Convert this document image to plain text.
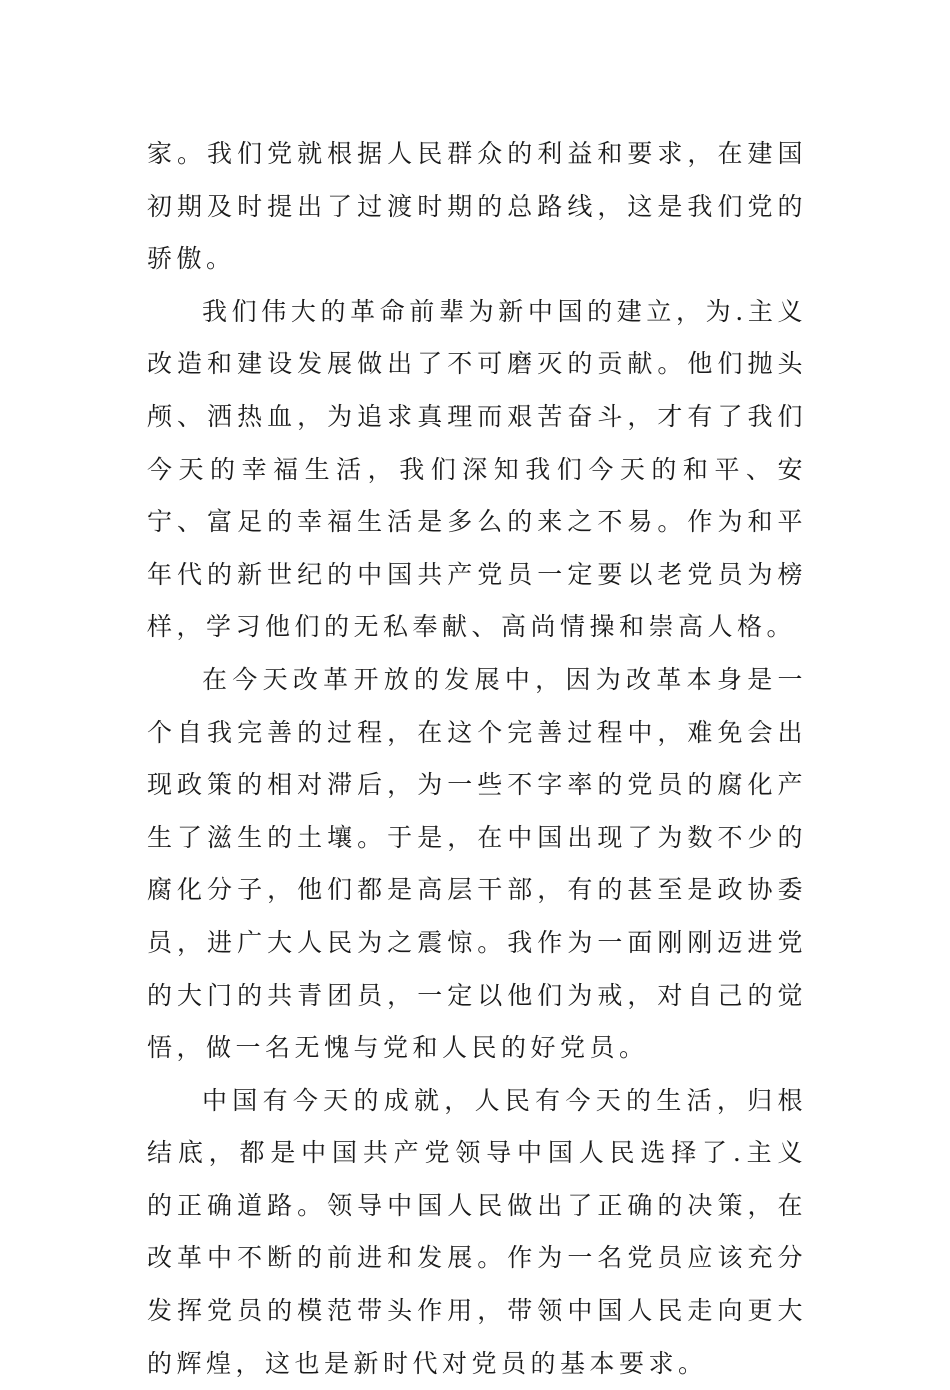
家。我们党就根据人民群众的利益和要求，在建国初期及时提出了过渡时期的总路线，这是我们党的骄傲。

我们伟大的革命前辈为新中国的建立，为.主义改造和建设发展做出了不可磨灭的贡献。他们抛头颅、洒热血，为追求真理而艰苦奋斗，才有了我们今天的幸福生活，我们深知我们今天的和平、安宁、富足的幸福生活是多么的来之不易。作为和平年代的新世纪的中国共产党员一定要以老党员为榜样，学习他们的无私奉献、高尚情操和崇高人格。

在今天改革开放的发展中，因为改革本身是一个自我完善的过程，在这个完善过程中，难免会出现政策的相对滞后，为一些不字率的党员的腐化产生了滋生的土壤。于是，在中国出现了为数不少的腐化分子，他们都是高层干部，有的甚至是政协委员，进广大人民为之震惊。我作为一面刚刚迈进党的大门的共青团员，一定以他们为戒，对自己的觉悟，做一名无愧与党和人民的好党员。

中国有今天的成就，人民有今天的生活，归根结底，都是中国共产党领导中国人民选择了.主义的正确道路。领导中国人民做出了正确的决策，在改革中不断的前进和发展。作为一名党员应该充分发挥党员的模范带头作用，带领中国人民走向更大的辉煌，这也是新时代对党员的基本要求。
